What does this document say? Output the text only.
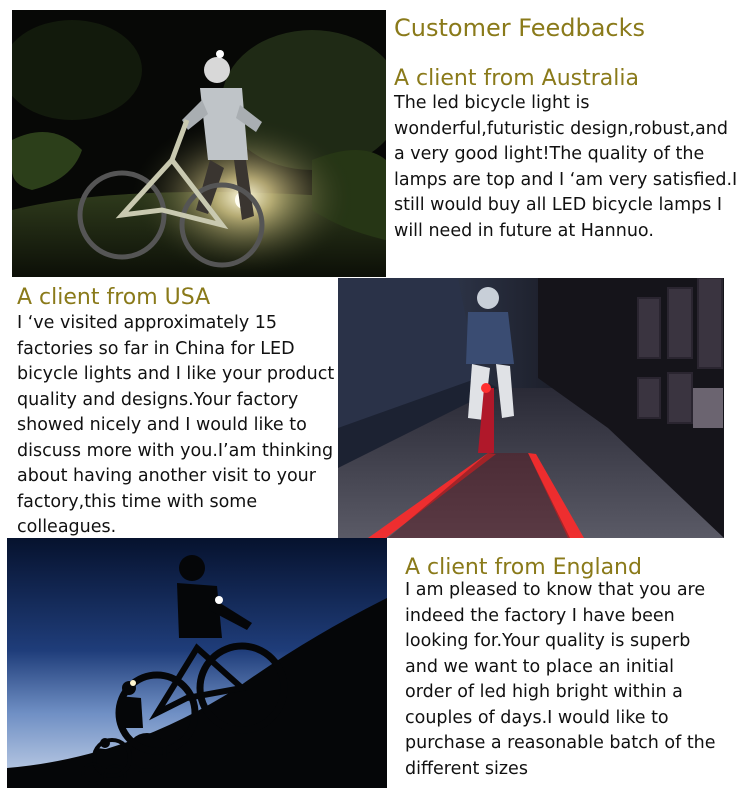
Customer Feedbacks
A client from Australia

The led bicycle light is wonderful,futuristic design,robust,and a very good light!The quality of the lamps are top and I ‘am very satisfied.I still would buy all LED bicycle lamps I will need in future at Hannuo.

A client from USA

I ‘ve visited approximately 15 factories so far in China for LED bicycle lights and I like your product quality and designs.Your factory showed nicely and I would like to discuss more with you.I’am thinking about having another visit to your factory,this time with some colleagues.

A client from England

I am pleased to know that you are indeed the factory I have been looking for.Your quality is superb and we want to place an initial order of led high bright within a couples of days.I would like to purchase a reasonable batch of the different sizes
